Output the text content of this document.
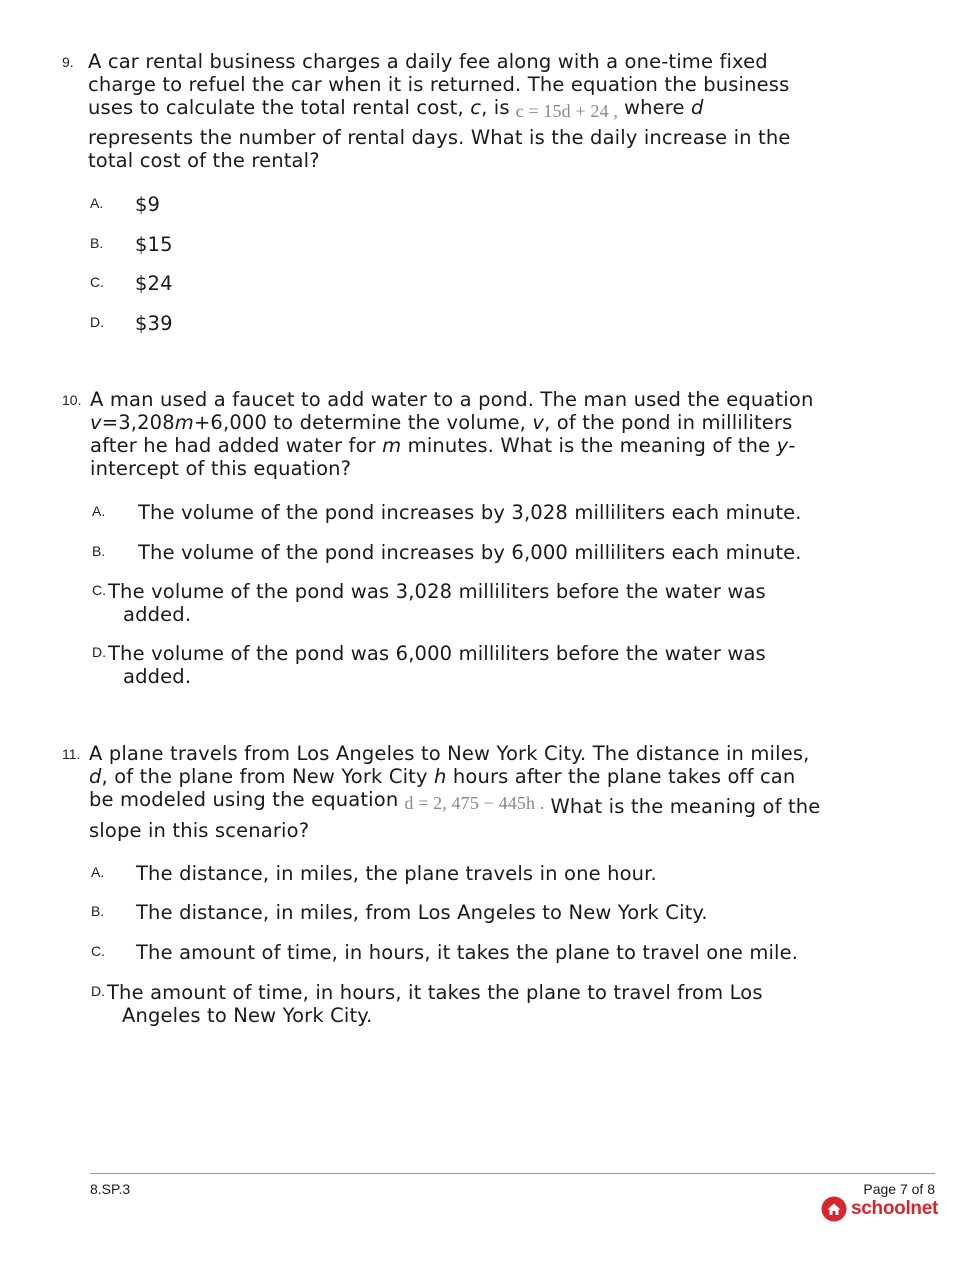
9. A car rental business charges a daily fee along with a one-time fixed charge to refuel the car when it is returned. The equation the business uses to calculate the total rental cost, c, is c = 15d + 24 , where d
represents the number of rental days. What is the daily increase in the total cost of the rental?
A. $9
B. $15
C. $24
D. $39
10. A man used a faucet to add water to a pond. The man used the equation v=3,208m+6,000 to determine the volume, v, of the pond in milliliters after he had added water for m minutes. What is the meaning of the y-intercept of this equation?
A.	The volume of the pond increases by 3,028 milliliters each minute.
B.	The volume of the pond increases by 6,000 milliliters each minute.
C. The volume of the pond was 3,028 milliliters before the water was added.
D. The volume of the pond was 6,000 milliliters before the water was added.
11. A plane travels from Los Angeles to New York City. The distance in miles, d, of the plane from New York City h hours after the plane takes off can be modeled using the equation d = 2, 475 − 445h . What is the meaning of the slope in this scenario?
A.	The distance, in miles, the plane travels in one hour.
B.	The distance, in miles, from Los Angeles to New York City.
C.	The amount of time, in hours, it takes the plane to travel one mile.
D. The amount of time, in hours, it takes the plane to travel from Los Angeles to New York City.
8.SP.3	Page 7 of 8
schoolnet
